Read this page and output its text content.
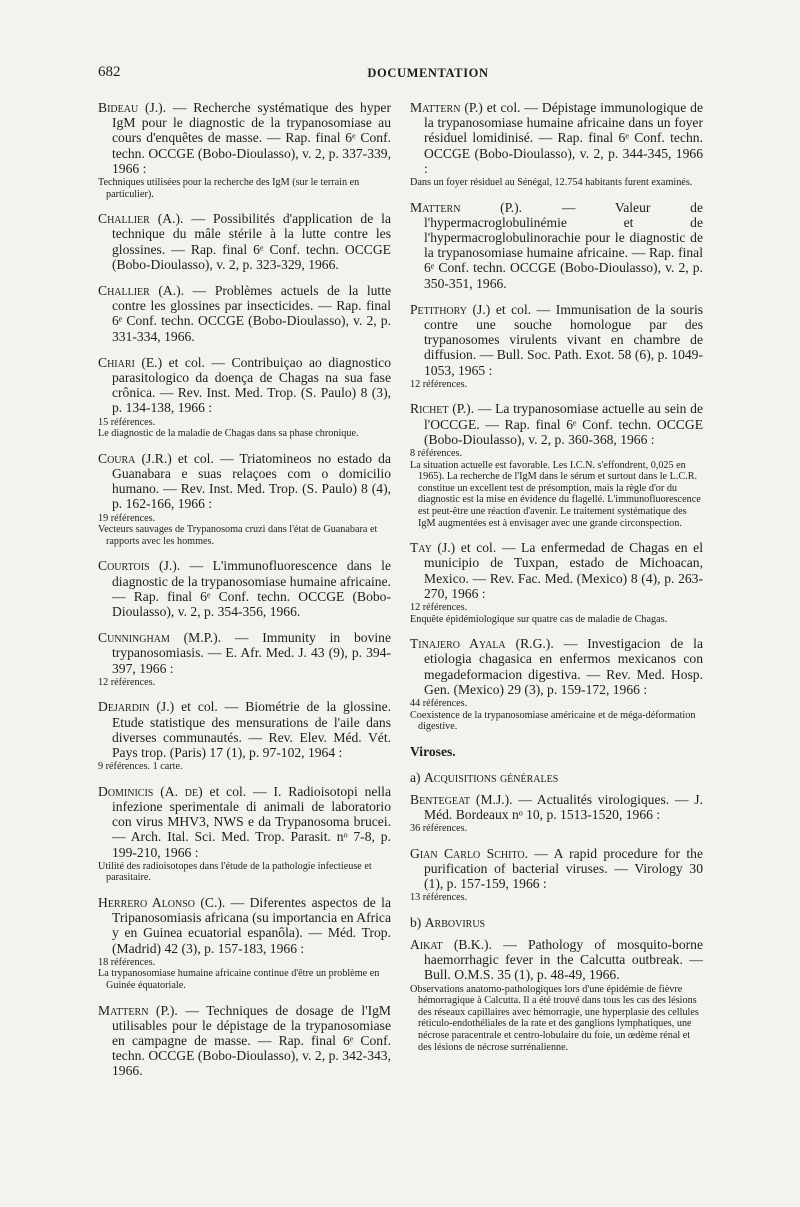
682	DOCUMENTATION
Bideau (J.). — Recherche systématique des hyper IgM pour le diagnostic de la trypanosomiase au cours d'enquêtes de masse. — Rap. final 6ᵉ Conf. techn. OCCGE (Bobo-Dioulasso), v. 2, p. 337-339, 1966 :
Techniques utilisées pour la recherche des IgM (sur le terrain en particulier).
Challier (A.). — Possibilités d'application de la technique du mâle stérile à la lutte contre les glossines. — Rap. final 6ᵉ Conf. techn. OCCGE (Bobo-Dioulasso), v. 2, p. 323-329, 1966.
Challier (A.). — Problèmes actuels de la lutte contre les glossines par insecticides. — Rap. final 6ᵉ Conf. techn. OCCGE (Bobo-Dioulasso), v. 2, p. 331-334, 1966.
Chiari (E.) et col. — Contribuiçao ao diagnostico parasitologico da doença de Chagas na sua fase crônica. — Rev. Inst. Med. Trop. (S. Paulo) 8 (3), p. 134-138, 1966 :
15 références.
Le diagnostic de la maladie de Chagas dans sa phase chronique.
Coura (J.R.) et col. — Triatomineos no estado da Guanabara e suas relaçoes com o domicilio humano. — Rev. Inst. Med. Trop. (S. Paulo) 8 (4), p. 162-166, 1966 :
19 références.
Vecteurs sauvages de Trypanosoma cruzi dans l'état de Guanabara et rapports avec les hommes.
Courtois (J.). — L'immunofluorescence dans le diagnostic de la trypanosomiase humaine africaine. — Rap. final 6ᵉ Conf. techn. OCCGE (Bobo-Dioulasso), v. 2, p. 354-356, 1966.
Cunningham (M.P.). — Immunity in bovine trypanosomiasis. — E. Afr. Med. J. 43 (9), p. 394-397, 1966 :
12 références.
Dejardin (J.) et col. — Biométrie de la glossine. Etude statistique des mensurations de l'aile dans diverses communautés. — Rev. Elev. Méd. Vét. Pays trop. (Paris) 17 (1), p. 97-102, 1964 :
9 références. 1 carte.
Dominicis (A. de) et col. — I. Radioisotopi nella infezione sperimentale di animali de laboratorio con virus MHV3, NWS e da Trypanosoma brucei. — Arch. Ital. Sci. Med. Trop. Parasit. nᵒ 7-8, p. 199-210, 1966 :
Utilité des radioisotopes dans l'étude de la pathologie infectieuse et parasitaire.
Herrero Alonso (C.). — Diferentes aspectos de la Tripanosomiasis africana (su importancia en Africa y en Guinea ecuatorial espanôla). — Méd. Trop. (Madrid) 42 (3), p. 157-183, 1966 :
18 références.
La trypanosomiase humaine africaine continue d'être un problème en Guinée équatoriale.
Mattern (P.). — Techniques de dosage de l'IgM utilisables pour le dépistage de la trypanosomiase en campagne de masse. — Rap. final 6ᵉ Conf. techn. OCCGE (Bobo-Dioulasso), v. 2, p. 342-343, 1966.
Mattern (P.) et col. — Dépistage immunologique de la trypanosomiase humaine africaine dans un foyer résiduel lomidinisé. — Rap. final 6ᵉ Conf. techn. OCCGE (Bobo-Dioulasso), v. 2, p. 344-345, 1966 :
Dans un foyer résiduel au Sénégal, 12.754 habitants furent examinés.
Mattern (P.).	— Valeur de l'hypermacroglobulinémie et de l'hypermacroglobulinorachie pour le diagnostic de la trypanosomiase humaine africaine. — Rap. final 6ᵉ Conf. techn. OCCGE (Bobo-Dioulasso), v. 2, p. 350-351, 1966.
Petithory (J.) et col. — Immunisation de la souris contre une souche homologue par des trypanosomes virulents vivant en chambre de diffusion. — Bull. Soc. Path. Exot. 58 (6), p. 1049-1053, 1965 :
12 références.
Richet (P.). — La trypanosomiase actuelle au sein de l'OCCGE. — Rap. final 6ᵉ Conf. techn. OCCGE (Bobo-Dioulasso), v. 2, p. 360-368, 1966 :
8 références.
La situation actuelle est favorable. Les I.C.N. s'effondrent, 0,025 en 1965). La recherche de l'IgM dans le sérum et surtout dans le L.C.R. constitue un excellent test de présomption, mais la règle d'or du diagnostic est la mise en évidence du flagellé. L'immunofluorescence est peut-être une réaction d'avenir. Le traitement systématique des IgM augmentées est à envisager avec une grande circonspection.
Tay (J.) et col. — La enfermedad de Chagas en el municipio de Tuxpan, estado de Michoacan, Mexico. — Rev. Fac. Med. (Mexico) 8 (4), p. 263-270, 1966 :
12 références.
Enquête épidémiologique sur quatre cas de maladie de Chagas.
Tinajero Ayala (R.G.). — Investigacion de la etiologia chagasica en enfermos mexicanos con megadeformacion digestiva. — Rev. Med. Hosp. Gen. (Mexico) 29 (3), p. 159-172, 1966 :
44 références.
Coexistence de la trypanosomiase américaine et de méga-déformation digestive.
Viroses.
a) Acquisitions générales
Bentegeat (M.J.). — Actualités virologiques. — J. Méd. Bordeaux nᵒ 10, p. 1513-1520, 1966 :
36 références.
Gian Carlo Schito. — A rapid procedure for the purification of bacterial viruses. — Virology 30 (1), p. 157-159, 1966 :
13 références.
b) Arbovirus
Aikat (B.K.). — Pathology of mosquito-borne haemorrhagic fever in the Calcutta outbreak. — Bull. O.M.S. 35 (1), p. 48-49, 1966.
Observations anatomo-pathologiques lors d'une épidémie de fièvre hémorragique à Calcutta. Il a été trouvé dans tous les cas des lésions des réseaux capillaires avec hémorragie, une hyperplasie des cellules réticulo-endothéliales de la rate et des ganglions lymphatiques, une nécrose paracentrale et centro-lobulaire du foie, un œdème rénal et des lésions de nécrose surrénalienne.
